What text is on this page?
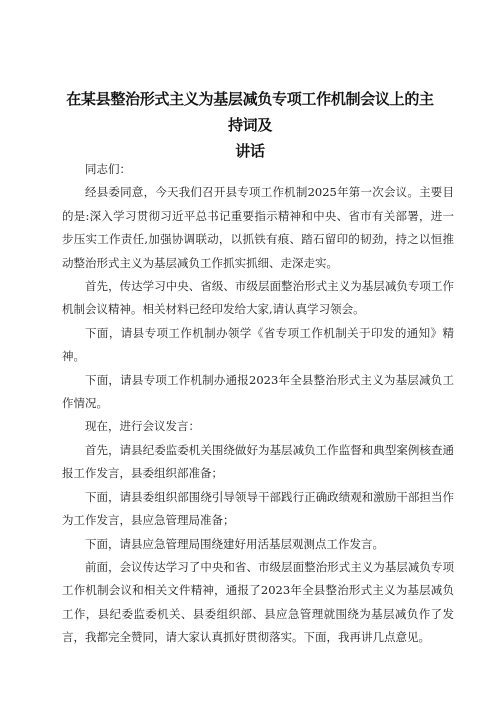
在某县整治形式主义为基层减负专项工作机制会议上的主持词及
讲话

同志们：

经县委同意，今天我们召开县专项工作机制2025年第一次会议。主要目的是:深入学习贯彻习近平总书记重要指示精神和中央、省市有关部署，进一步压实工作责任,加强协调联动，以抓铁有痕、踏石留印的韧劲，持之以恒推动整治形式主义为基层减负工作抓实抓细、走深走实。

首先，传达学习中央、省级、市级层面整治形式主义为基层减负专项工作机制会议精神。相关材料已经印发给大家,请认真学习领会。

下面，请县专项工作机制办领学《省专项工作机制关于印发的通知》精神。

下面，请县专项工作机制办通报2023年全县整治形式主义为基层减负工作情况。

现在，进行会议发言：

首先，请县纪委监委机关围绕做好为基层减负工作监督和典型案例核查通报工作发言，县委组织部准备；

下面，请县委组织部围绕引导领导干部践行正确政绩观和激励干部担当作为工作发言，县应急管理局准备；

下面，请县应急管理局围绕建好用活基层观测点工作发言。

前面，会议传达学习了中央和省、市级层面整治形式主义为基层减负专项工作机制会议和相关文件精神，通报了2023年全县整治形式主义为基层减负工作，县纪委监委机关、县委组织部、县应急管理就围绕为基层减负作了发言，我都完全赞同，请大家认真抓好贯彻落实。下面，我再讲几点意见。
